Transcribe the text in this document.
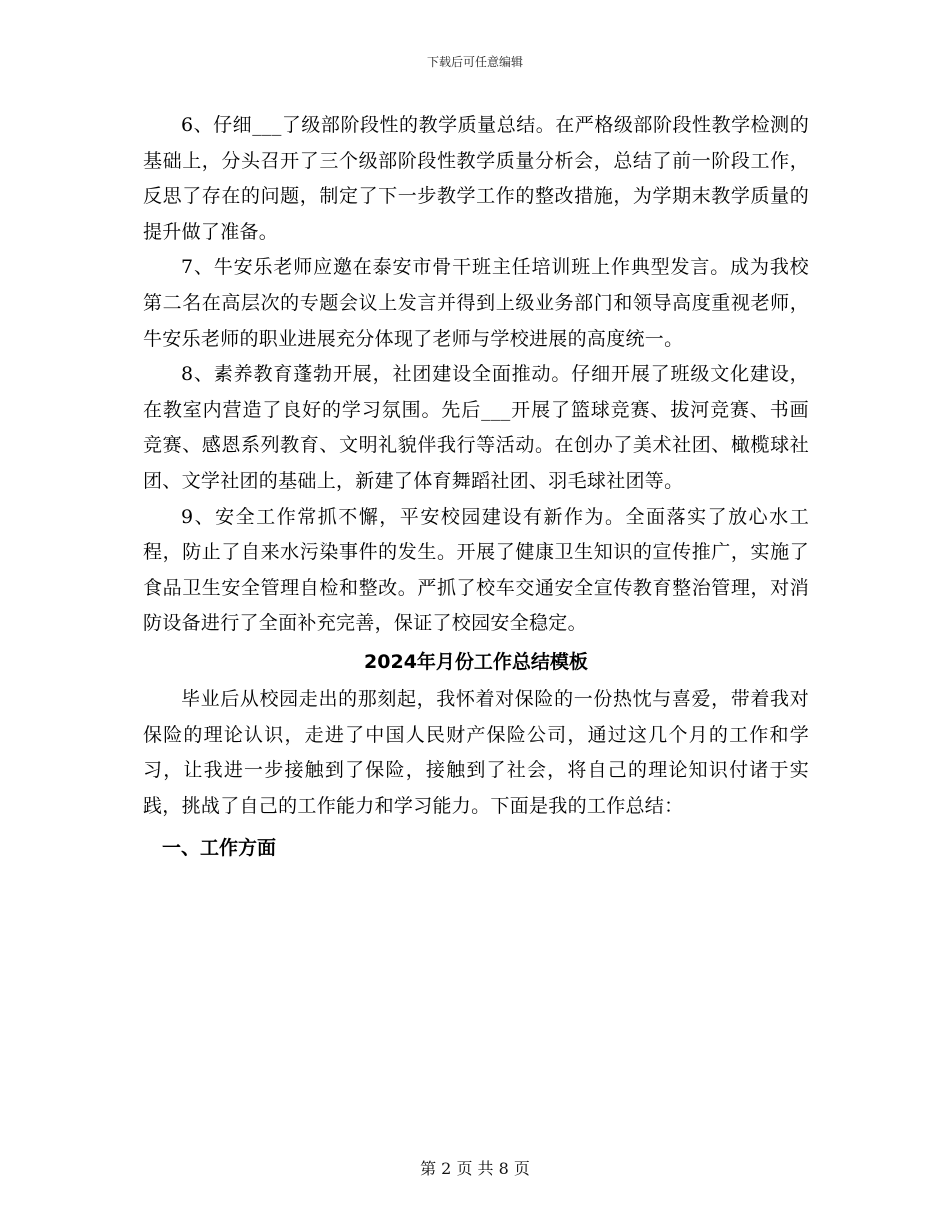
下载后可任意编辑

6、仔细___了级部阶段性的教学质量总结。在严格级部阶段性教学检测的基础上，分头召开了三个级部阶段性教学质量分析会，总结了前一阶段工作，反思了存在的问题，制定了下一步教学工作的整改措施，为学期末教学质量的提升做了准备。

7、牛安乐老师应邀在泰安市骨干班主任培训班上作典型发言。成为我校第二名在高层次的专题会议上发言并得到上级业务部门和领导高度重视老师，牛安乐老师的职业进展充分体现了老师与学校进展的高度统一。

8、素养教育蓬勃开展，社团建设全面推动。仔细开展了班级文化建设，在教室内营造了良好的学习氛围。先后___开展了篮球竞赛、拔河竞赛、书画竞赛、感恩系列教育、文明礼貌伴我行等活动。在创办了美术社团、橄榄球社团、文学社团的基础上，新建了体育舞蹈社团、羽毛球社团等。

9、安全工作常抓不懈，平安校园建设有新作为。全面落实了放心水工程，防止了自来水污染事件的发生。开展了健康卫生知识的宣传推广，实施了食品卫生安全管理自检和整改。严抓了校车交通安全宣传教育整治管理，对消防设备进行了全面补充完善，保证了校园安全稳定。

2024年月份工作总结模板

毕业后从校园走出的那刻起，我怀着对保险的一份热忱与喜爱，带着我对保险的理论认识，走进了中国人民财产保险公司，通过这几个月的工作和学习，让我进一步接触到了保险，接触到了社会，将自己的理论知识付诸于实践，挑战了自己的工作能力和学习能力。下面是我的工作总结：

一、工作方面
第 2 页 共 8 页
